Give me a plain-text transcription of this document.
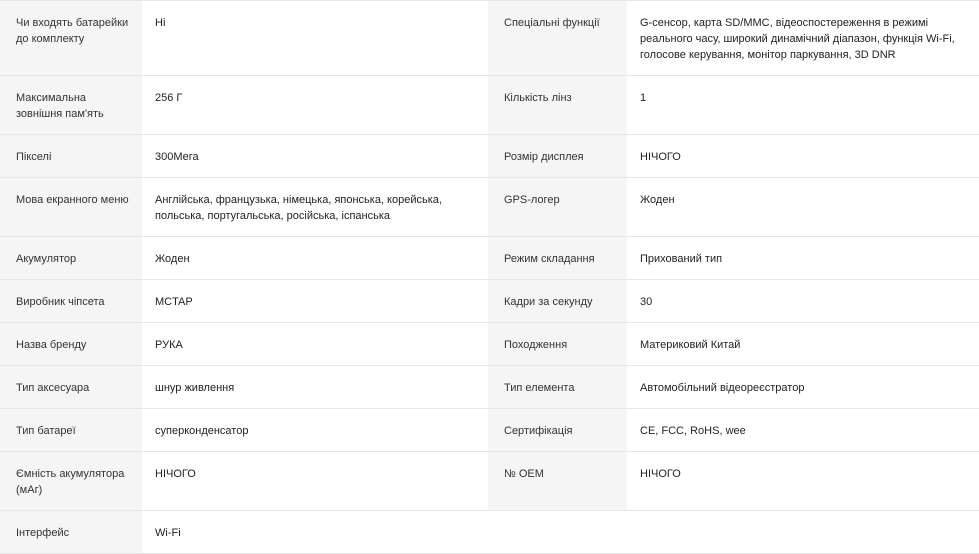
Чи входять батарейки до комплекту	Ні	Спеціальні функції	G-сенсор, карта SD/MMC, відеоспостереження в режимі реального часу, широкий динамічний діапазон, функція Wi-Fi, голосове керування, монітор паркування, 3D DNR

Максимальна зовнішня пам'ять	256 Г	Кількість лінз	1

Пікселі	300Мега	Розмір дисплея	НІЧОГО

Мова екранного меню	Англійська, французька, німецька, японська, корейська, польська, португальська, російська, іспанська	GPS-логер	Жоден

Акумулятор	Жоден	Режим складання	Прихований тип

Виробник чіпсета	MCTAP	Кадри за секунду	30

Назва бренду	РУКА	Походження	Материковий Китай

Тип аксесуара	шнур живлення	Тип елемента	Автомобільний відеореєстратор

Тип батареї	суперконденсатор	Сертифікація	CE, FCC, RoHS, wee

Ємність акумулятора (мАг)	НІЧОГО	№ OEM	НІЧОГО

Інтерфейс	Wi-Fi		
